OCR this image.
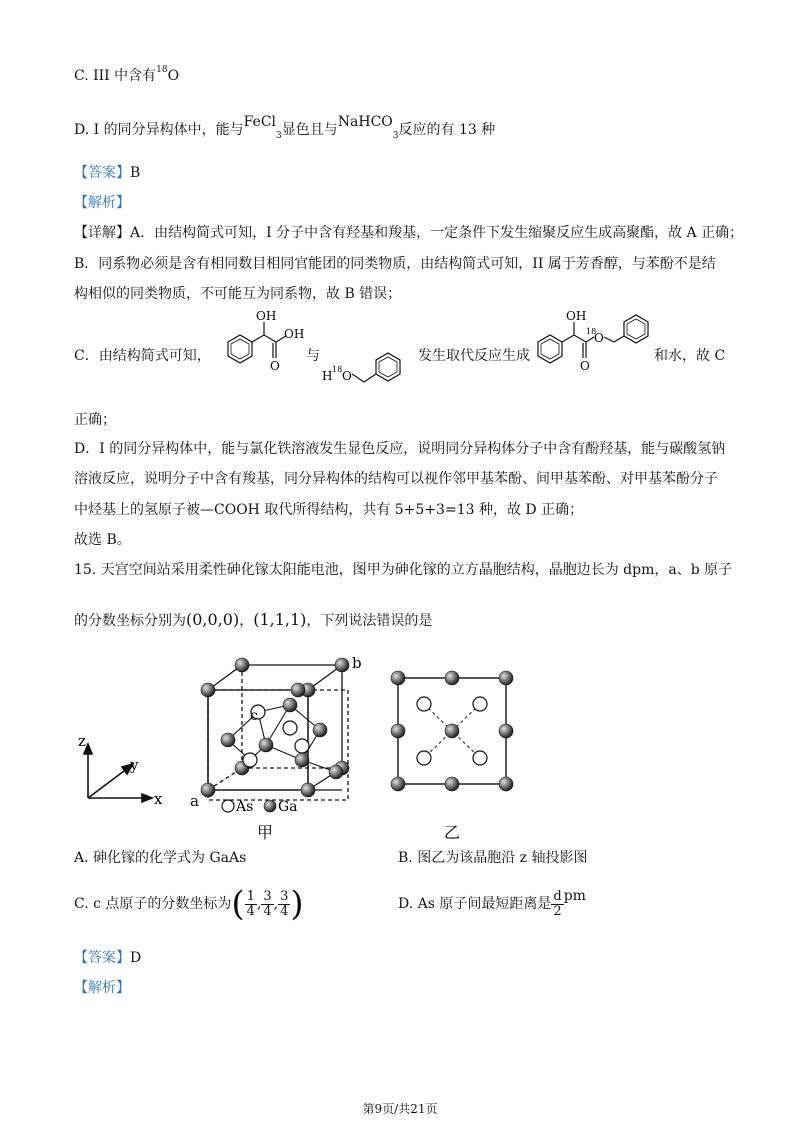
C. III 中含有$^{18}$O
D. I 的同分异构体中，能与FeCl$_3$显色且与NaHCO$_3$反应的有 13 种
【答案】B
【解析】
【详解】A．由结构简式可知，I 分子中含有羟基和羧基，一定条件下发生缩聚反应生成高聚酯，故 A 正确；
B．同系物必须是含有相同数目相同官能团的同类物质，由结构简式可知，II 属于芳香醇，与苯酚不是结
构相似的同类物质，不可能互为同系物，故 B 错误；
C．由结构简式可知，	与	发生取代反应生成	和水，故 C
OH
OH
O
H 18 O
OH
18
O
O
正确；
D．I 的同分异构体中，能与氯化铁溶液发生显色反应，说明同分异构体分子中含有酚羟基，能与碳酸氢钠
溶液反应，说明分子中含有羧基，同分异构体的结构可以视作邻甲基苯酚、间甲基苯酚、对甲基苯酚分子
中烃基上的氢原子被—COOH 取代所得结构，共有 5+5+3=13 种，故 D 正确；
故选 B。
15. 天宫空间站采用柔性砷化镓太阳能电池，图甲为砷化镓的立方晶胞结构，晶胞边长为 dpm，a、b 原子
的分数坐标分别为(0,0,0)，(1,1,1)，下列说法错误的是
b
c
a
z
y
x	As Ga
甲	乙
A. 砷化镓的化学式为 GaAs	B. 图乙为该晶胞沿 z 轴投影图
C. c 点原子的分数坐标为( $\frac{1}{4}$ , $\frac{3}{4}$ , $\frac{3}{4}$ )	D. As 原子间最短距离是 $\frac{d}{2}$ pm
【答案】D
【解析】
第9页/共21页
